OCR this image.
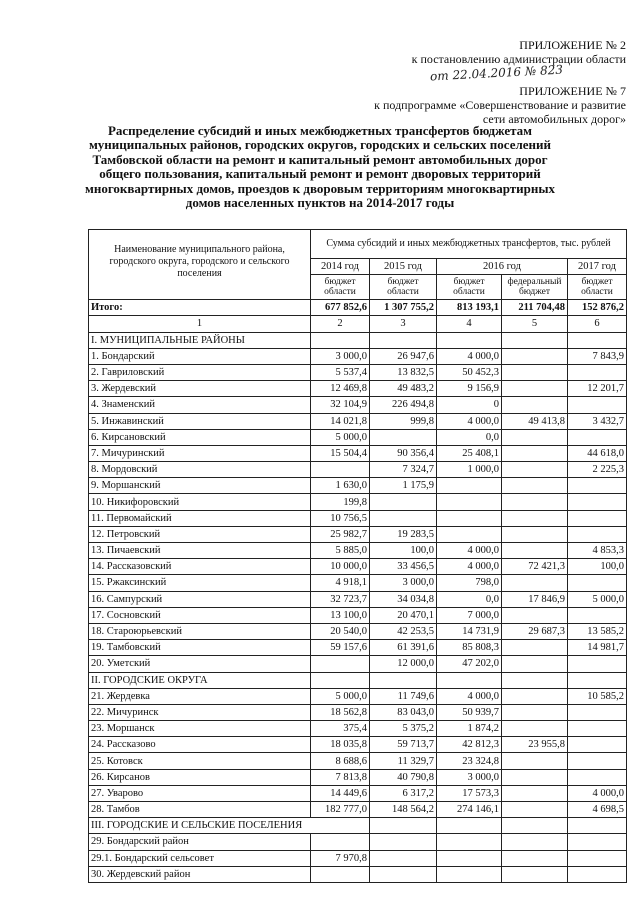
ПРИЛОЖЕНИЕ № 2
к постановлению администрации области
от 22.04.2016 № 823
ПРИЛОЖЕНИЕ № 7
к подпрограмме «Совершенствование и развитие
сети автомобильных дорог»
Распределение субсидий и иных межбюджетных трансфертов бюджетам
муниципальных районов, городских округов, городских и сельских поселений
Тамбовской области на ремонт и капитальный ремонт автомобильных дорог
общего пользования, капитальный ремонт и ремонт дворовых территорий
многоквартирных домов, проездов к дворовым территориям многоквартирных
домов населенных пунктов на 2014-2017 годы
Наименование муниципального района, городского округа, городского и сельского поселения	Сумма субсидий и иных межбюджетных трансфертов, тыс. рублей				
	2014 год	2015 год	2016 год		2017 год
	бюджет области	бюджет области	бюджет области	федеральный бюджет	бюджет области
Итого:	677 852,6	1 307 755,2	813 193,1	211 704,48	152 876,2
1	2	3	4	5	6
I. МУНИЦИПАЛЬНЫЕ РАЙОНЫ					
1. Бондарский	3 000,0	26 947,6	4 000,0		7 843,9
2. Гавриловский	5 537,4	13 832,5	50 452,3		
3. Жердевский	12 469,8	49 483,2	9 156,9		12 201,7
4. Знаменский	32 104,9	226 494,8	0		
5. Инжавинский	14 021,8	999,8	4 000,0	49 413,8	3 432,7
6. Кирсановский	5 000,0		0,0		
7. Мичуринский	15 504,4	90 356,4	25 408,1		44 618,0
8. Мордовский		7 324,7	1 000,0		2 225,3
9. Моршанский	1 630,0	1 175,9			
10. Никифоровский	199,8				
11. Первомайский	10 756,5				
12. Петровский	25 982,7	19 283,5			
13. Пичаевский	5 885,0	100,0	4 000,0		4 853,3
14. Рассказовский	10 000,0	33 456,5	4 000,0	72 421,3	100,0
15. Ржаксинский	4 918,1	3 000,0	798,0		
16. Сампурский	32 723,7	34 034,8	0,0	17 846,9	5 000,0
17. Сосновский	13 100,0	20 470,1	7 000,0		
18. Староюрьевский	20 540,0	42 253,5	14 731,9	29 687,3	13 585,2
19. Тамбовский	59 157,6	61 391,6	85 808,3		14 981,7
20. Уметский		12 000,0	47 202,0		
II. ГОРОДСКИЕ ОКРУГА					
21. Жердевка	5 000,0	11 749,6	4 000,0		10 585,2
22. Мичуринск	18 562,8	83 043,0	50 939,7		
23. Моршанск	375,4	5 375,2	1 874,2		
24. Рассказово	18 035,8	59 713,7	42 812,3	23 955,8	
25. Котовск	8 688,6	11 329,7	23 324,8		
26. Кирсанов	7 813,8	40 790,8	3 000,0		
27. Уварово	14 449,6	6 317,2	17 573,3		4 000,0
28. Тамбов	182 777,0	148 564,2	274 146,1		4 698,5
III. ГОРОДСКИЕ И СЕЛЬСКИЕ ПОСЕЛЕНИЯ					
29. Бондарский район					
29.1. Бондарский сельсовет	7 970,8				
30. Жердевский район					
